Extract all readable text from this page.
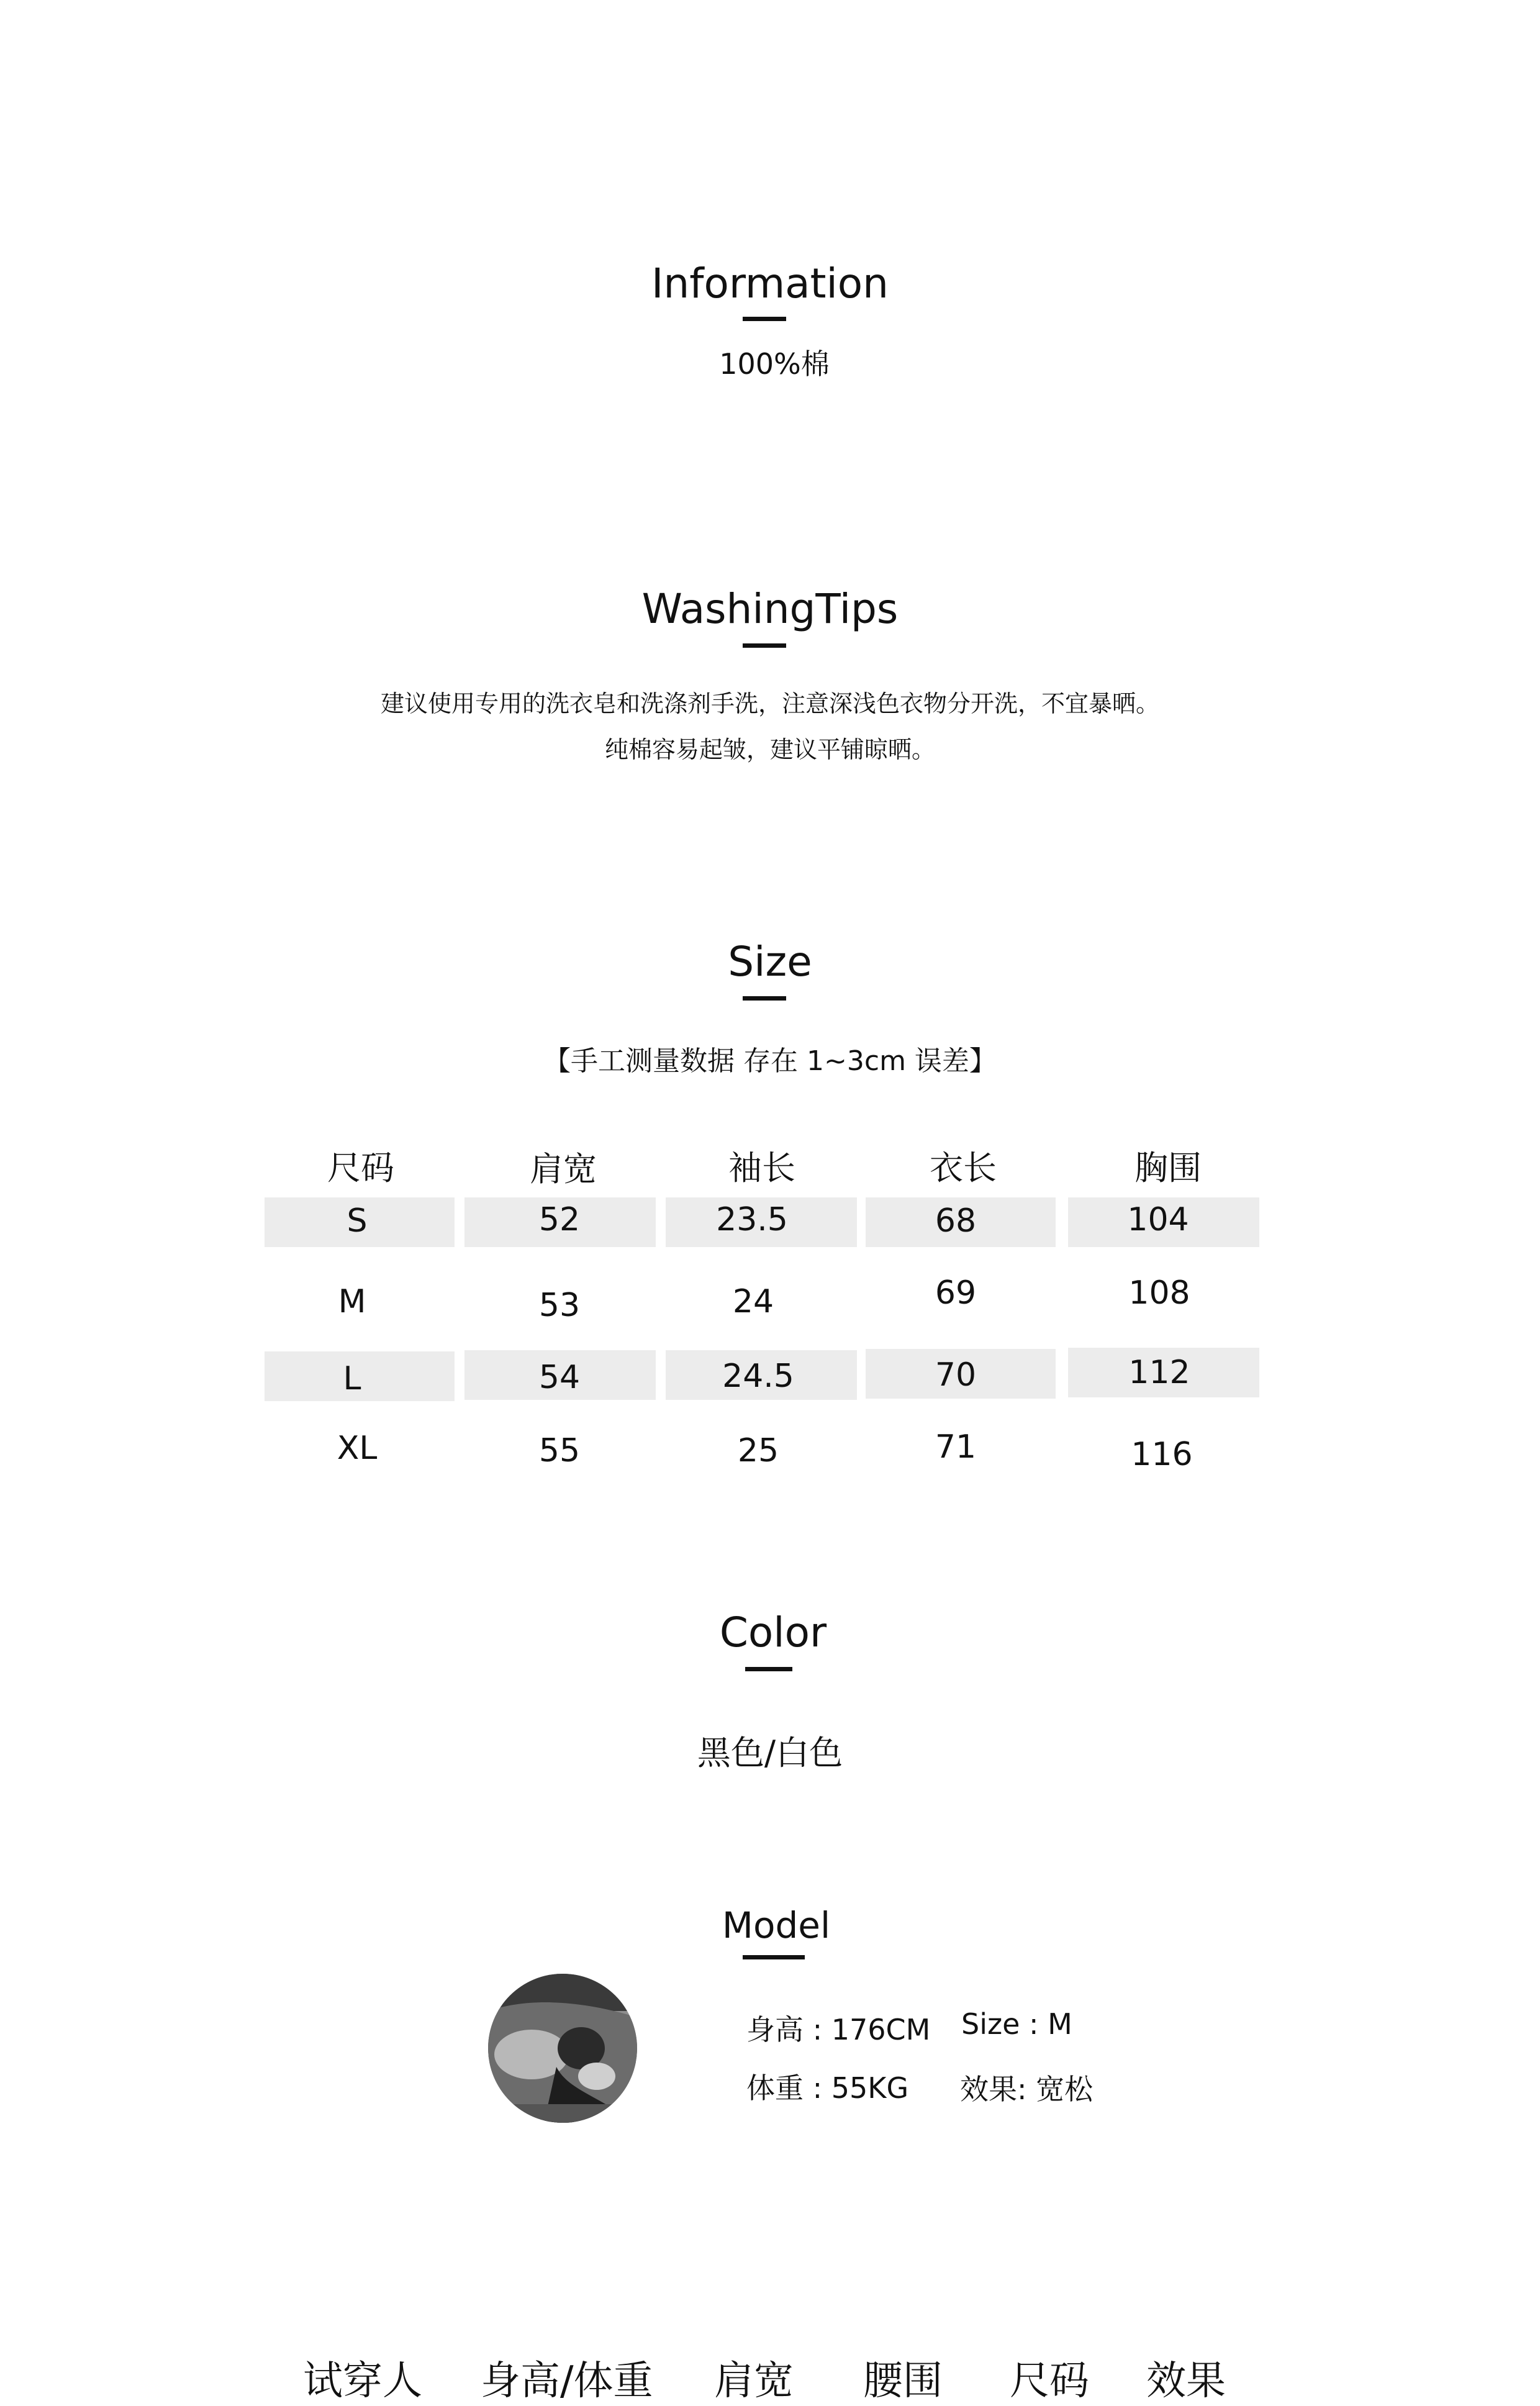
Information
100%棉
WashingTips
建议使用专用的洗衣皂和洗涤剂手洗，注意深浅色衣物分开洗，不宜暴晒。
纯棉容易起皱，建议平铺晾晒。
Size
【手工测量数据 存在 1~3cm 误差】
尺码	肩宽	袖长	衣长	胸围
S	52	23.5	68	104
M	53	24	69	108
L	54	24.5	70	112
XL	55	25	71	116
Color
黑色/白色
Model
身高 : 176CM Size : M
体重 : 55KG 效果: 宽松
试穿人 身高/体重 肩宽 腰围 尺码 效果
